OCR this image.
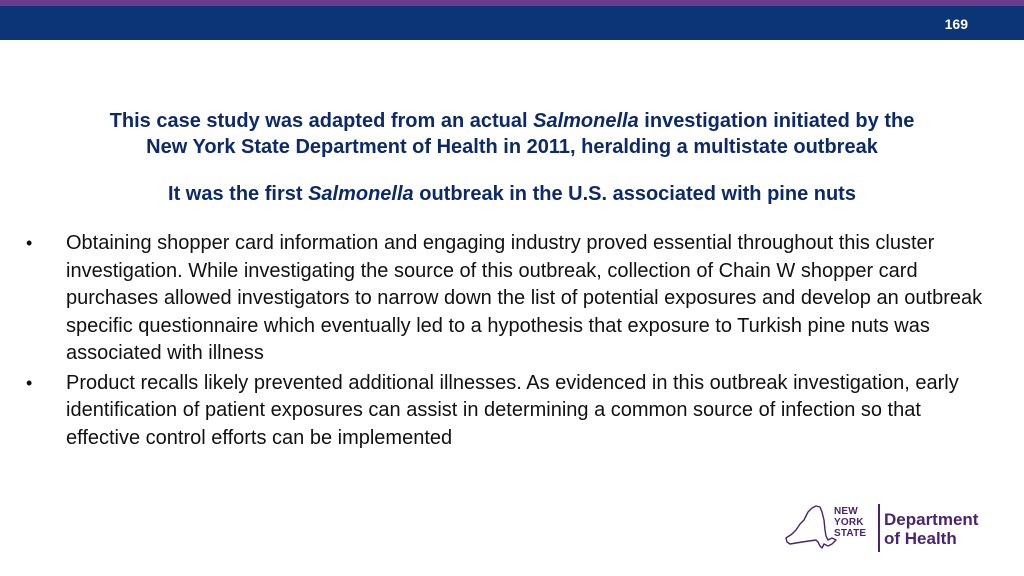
169
This case study was adapted from an actual Salmonella investigation initiated by the
New York State Department of Health in 2011, heralding a multistate outbreak
It was the first Salmonella outbreak in the U.S. associated with pine nuts
• Obtaining shopper card information and engaging industry proved essential throughout this cluster investigation. While investigating the source of this outbreak, collection of Chain W shopper card purchases allowed investigators to narrow down the list of potential exposures and develop an outbreak specific questionnaire which eventually led to a hypothesis that exposure to Turkish pine nuts was associated with illness
• Product recalls likely prevented additional illnesses. As evidenced in this outbreak investigation, early identification of patient exposures can assist in determining a common source of infection so that effective control efforts can be implemented
NEW
YORK
STATE
Department
of Health
